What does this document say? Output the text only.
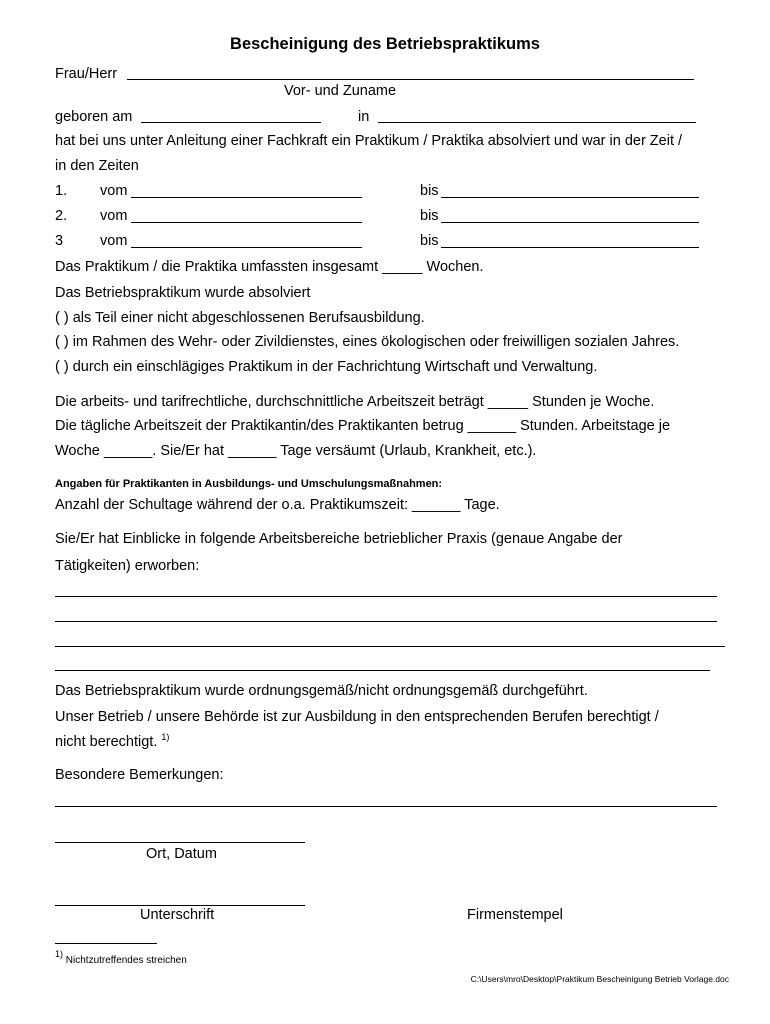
Bescheinigung des Betriebspraktikums
Frau/Herr
Vor- und Zuname
geboren am	in
hat bei uns unter Anleitung einer Fachkraft ein Praktikum / Praktika absolviert und war in der Zeit /
in den Zeiten
1. vom	bis
2. vom	bis
3	vom	bis
Das Praktikum / die Praktika umfassten insgesamt _____ Wochen.
Das Betriebspraktikum wurde absolviert
( ) als Teil einer nicht abgeschlossenen Berufsausbildung.
( ) im Rahmen des Wehr- oder Zivildienstes, eines ökologischen oder freiwilligen sozialen Jahres.
( ) durch ein einschlägiges Praktikum in der Fachrichtung Wirtschaft und Verwaltung.
Die arbeits- und tarifrechtliche, durchschnittliche Arbeitszeit beträgt _____ Stunden je Woche.
Die tägliche Arbeitszeit der Praktikantin/des Praktikanten betrug ______ Stunden. Arbeitstage je
Woche ______. Sie/Er hat ______ Tage versäumt (Urlaub, Krankheit, etc.).
Angaben für Praktikanten in Ausbildungs- und Umschulungsmaßnahmen:
Anzahl der Schultage während der o.a. Praktikumszeit: ______ Tage.
Sie/Er hat Einblicke in folgende Arbeitsbereiche betrieblicher Praxis (genaue Angabe der
Tätigkeiten) erworben:
Das Betriebspraktikum wurde ordnungsgemäß/nicht ordnungsgemäß durchgeführt.
Unser Betrieb / unsere Behörde ist zur Ausbildung in den entsprechenden Berufen berechtigt /
nicht berechtigt. $^{1)}$
Besondere Bemerkungen:
Ort, Datum
Unterschrift	Firmenstempel
$^{1)}$ Nichtzutreffendes streichen
C:\Users\mro\Desktop\Praktikum Bescheinigung Betrieb Vorlage.doc
